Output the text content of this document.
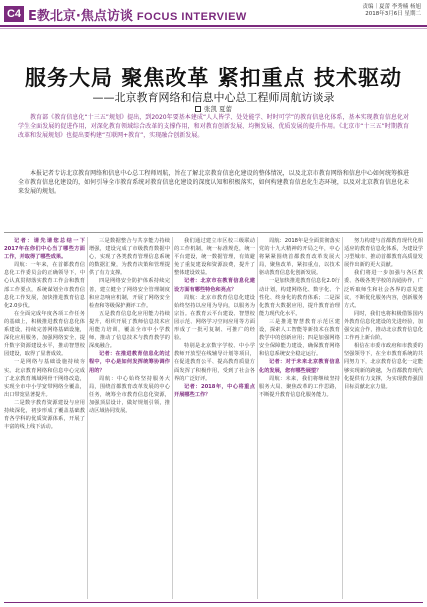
C4 E教北京·焦点访谈 FOCUS INTERVIEW
责编｜夏蕾 李秀楠 杨旭
2018年3月6日 星期二
服务大局 聚焦改革 紧扣重点 技术驱动
——北京教育网络和信息中心总工程师周航访谈录
张凯 夏蕾

教育部《教育信息化“十三五”规划》提出，到2020年要基本建成“人人皆学、处处能学、时时可学”的教育信息化体系，基本实现教育信息化对学生全面发展的促进作用，对深化教育领域综合改革的支撑作用，和对教育创新发展、均衡发展、优质发展的提升作用。《北京市“十三五”时期教育改革和发展规划》也提出要构建“互联网+教育”，实现融合创新发展。

本报记者专访北京教育网络和信息中心总工程师周航，旨在了解北京教育信息化建设的整体情况，以及北京市教育网络和信息中心如何统筹推进全市教育信息化建设的，如何引导全市教育系统对教育信息化建设的深度认知和积极落实，如何构建教育信息化生态环境，以及对北京教育信息化未来发展的规划。

记者：请先请您总结一下2017年在你们中心当了哪些方面工作，并取得了哪些成果。

周航：一年来，在首都教育信息化工作委员会的正确领导下，中心认真贯彻落实教育工作会和教育部工作要点，系统谋划全市教育信息化工作发展，加快推进教育信息化2.0步伐。

在全面完成年度各项工作任务的基础上，积极推进教育信息化体系建设，持续完善网络基础设施，深化应用服务，加强网络安全，提升数字资源建设水平，推动智慧校园建设，取得了显著成效。

一是网络与基础设施持续夯实。北京教育网络和信息中心完成了北京教育城域网骨干网络改造，实现全市中小学宽带网络全覆盖，出口带宽显著提升。

二是数字教育资源建设与应用持续深化，初步形成了覆盖基础教育各学科的优质资源体系，开展了丰富的线上线下活动。

三是数据整合与共享能力持续增强，建设完成了市级教育数据中心，实现了各类教育管理信息系统的数据汇聚，为教育决策和管理提供了有力支撑。

四是网络安全防护体系持续完善，建立健全了网络安全管理制度和应急响应机制，开展了网络安全检查和等级保护测评工作。

五是教育信息化应用能力持续提升，组织开展了教师信息技术应用能力培训，覆盖全市中小学教师，推动了信息技术与教育教学的深度融合。

记者：在推进教育信息化的过程中，中心是如何发挥统筹协调作用的？

周航：中心始终坚持服务大局，围绕首都教育改革发展的中心任务，统筹全市教育信息化资源，加强顶层设计，做好规划引领，推动区域协同发展。

我们通过建立市区校三级联动的工作机制，统一标准规范，统一平台建设，统一数据管理，有效避免了重复建设和资源浪费，提升了整体建设效益。

记者：北京市在教育信息化建设方面有哪些特色和亮点？

周航：北京市教育信息化建设始终坚持以应用为导向，以服务为宗旨。在教育云平台建设、智慧校园示范、网络学习空间应用等方面形成了一批可复制、可推广的经验。

特别是北京数字学校、中小学教师开放型在线辅导计划等项目，在促进教育公平、提高教育质量方面发挥了积极作用，受到了社会各界的广泛好评。

记者：2018年，中心将重点开展哪些工作？

周航：2018年是全面贯彻落实党的十九大精神的开局之年，中心将紧紧围绕首都教育改革发展大局，聚焦改革，紧扣重点，以技术驱动教育信息化创新发展。

一是加快推进教育信息化2.0行动计划，构建网络化、数字化、个性化、终身化的教育体系；二是深化教育大数据应用，提升教育治理能力现代化水平。

三是推进智慧教育示范区建设，探索人工智能等新技术在教育教学中的创新应用；四是加强网络安全保障能力建设，确保教育网络和信息系统安全稳定运行。

记者：对于未来北京教育信息化的发展，您有哪些展望？

周航：未来，我们将继续坚持服务大局、聚焦改革的工作思路，不断提升教育信息化服务能力。

努力构建与首都教育现代化相适应的教育信息化体系，为建设学习型城市、推动首都教育高质量发展作出新的更大贡献。

我们将进一步加强与各区教委、各级各类学校的沟通协作，广泛听取师生和社会各界的意见建议，不断优化服务内容，创新服务方式。

同时，我们也将积极借鉴国内外教育信息化建设的先进经验，加强交流合作，推动北京教育信息化工作再上新台阶。

相信在市委市政府和市教委的坚强领导下，在全市教育系统的共同努力下，北京教育信息化一定能够实现新的跨越，为首都教育现代化提供有力支撑，为实现教育强国目标贡献北京力量。
